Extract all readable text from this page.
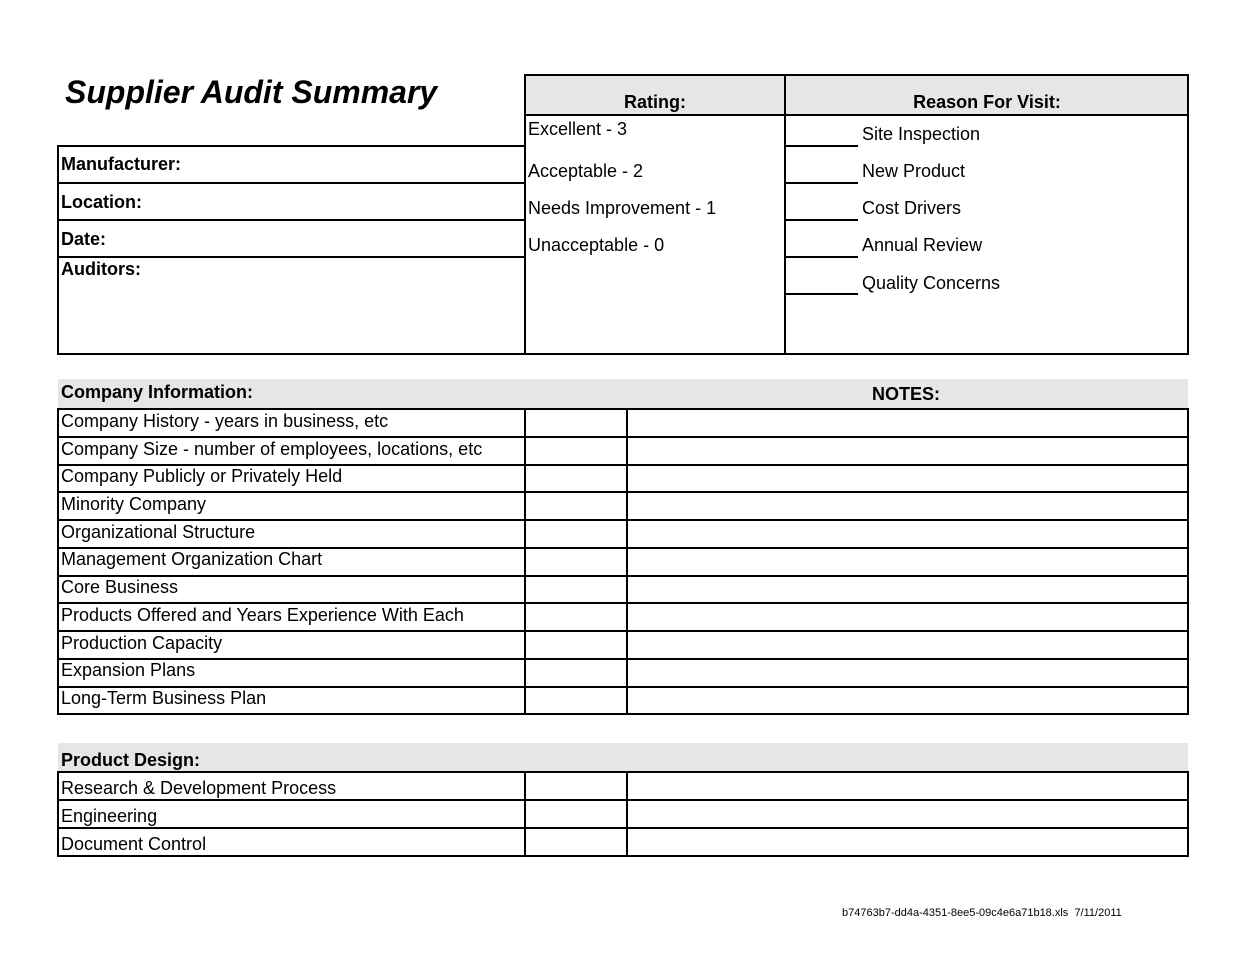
Supplier Audit Summary
Manufacturer:
Location:
Date:
Auditors:
Rating:
Excellent - 3
Acceptable - 2
Needs Improvement - 1
Unacceptable - 0
Reason For Visit:
Site Inspection
New Product
Cost Drivers
Annual Review
Quality Concerns
Company Information:	NOTES:
Company History - years in business, etc
Company Size - number of employees, locations, etc
Company Publicly or Privately Held
Minority Company
Organizational Structure
Management Organization Chart
Core Business
Products Offered and Years Experience With Each
Production Capacity
Expansion Plans
Long-Term Business Plan
Product Design:
Research & Development Process
Engineering
Document Control
b74763b7-dd4a-4351-8ee5-09c4e6a71b18.xls 7/11/2011
